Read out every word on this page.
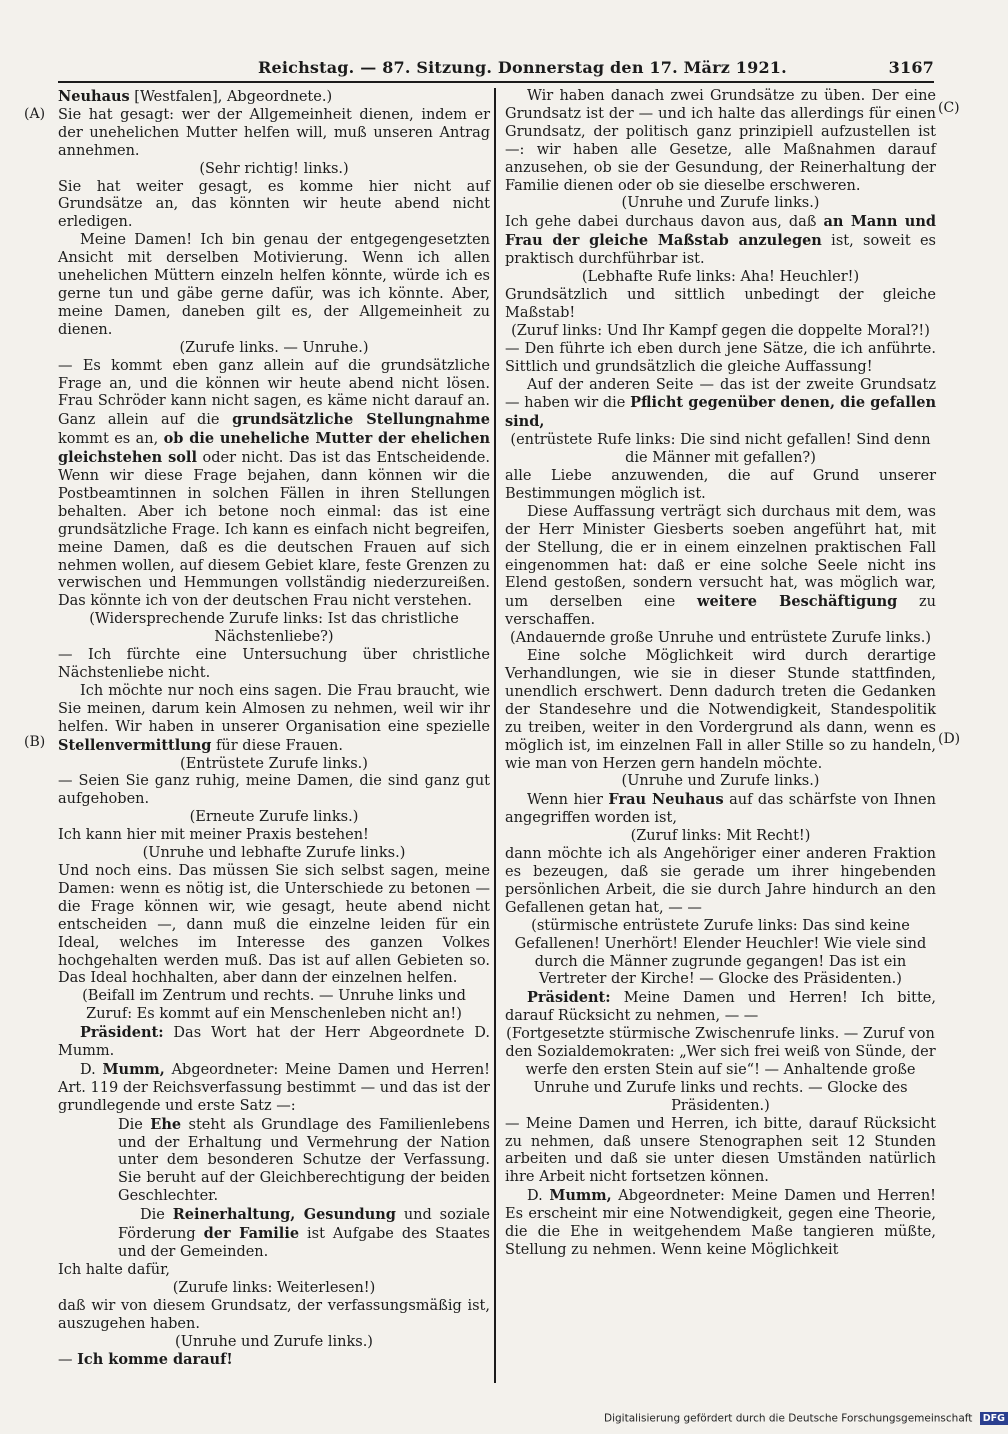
Reichstag. — 87. Sitzung. Donnerstag den 17. März 1921.	3167
(A)
(B)
(C)
(D)

Neuhaus [Westfalen], Abgeordnete.)

Sie hat gesagt: wer der Allgemeinheit dienen, indem er der unehelichen Mutter helfen will, muß unseren Antrag annehmen.

(Sehr richtig! links.)

Sie hat weiter gesagt, es komme hier nicht auf Grundsätze an, das könnten wir heute abend nicht erledigen.

Meine Damen! Ich bin genau der entgegengesetzten Ansicht mit derselben Motivierung. Wenn ich allen unehelichen Müttern einzeln helfen könnte, würde ich es gerne tun und gäbe gerne dafür, was ich könnte. Aber, meine Damen, daneben gilt es, der Allgemeinheit zu dienen.

(Zurufe links. — Unruhe.)

— Es kommt eben ganz allein auf die grundsätzliche Frage an, und die können wir heute abend nicht lösen. Frau Schröder kann nicht sagen, es käme nicht darauf an. Ganz allein auf die grundsätzliche Stellungnahme kommt es an, ob die uneheliche Mutter der ehelichen gleichstehen soll oder nicht. Das ist das Entscheidende. Wenn wir diese Frage bejahen, dann können wir die Postbeamtinnen in solchen Fällen in ihren Stellungen behalten. Aber ich betone noch einmal: das ist eine grundsätzliche Frage. Ich kann es einfach nicht begreifen, meine Damen, daß es die deutschen Frauen auf sich nehmen wollen, auf diesem Gebiet klare, feste Grenzen zu verwischen und Hemmungen vollständig niederzureißen. Das könnte ich von der deutschen Frau nicht verstehen.

(Widersprechende Zurufe links: Ist das christliche Nächstenliebe?)

— Ich fürchte eine Untersuchung über christliche Nächstenliebe nicht.

Ich möchte nur noch eins sagen. Die Frau braucht, wie Sie meinen, darum kein Almosen zu nehmen, weil wir ihr helfen. Wir haben in unserer Organisation eine spezielle Stellenvermittlung für diese Frauen.

(Entrüstete Zurufe links.)

— Seien Sie ganz ruhig, meine Damen, die sind ganz gut aufgehoben.

(Erneute Zurufe links.)

Ich kann hier mit meiner Praxis bestehen!

(Unruhe und lebhafte Zurufe links.)

Und noch eins. Das müssen Sie sich selbst sagen, meine Damen: wenn es nötig ist, die Unterschiede zu betonen — die Frage können wir, wie gesagt, heute abend nicht entscheiden —, dann muß die einzelne leiden für ein Ideal, welches im Interesse des ganzen Volkes hochgehalten werden muß. Das ist auf allen Gebieten so. Das Ideal hochhalten, aber dann der einzelnen helfen.

(Beifall im Zentrum und rechts. — Unruhe links und Zuruf: Es kommt auf ein Menschenleben nicht an!)

Präsident: Das Wort hat der Herr Abgeordnete D. Mumm.

D. Mumm, Abgeordneter: Meine Damen und Herren! Art. 119 der Reichsverfassung bestimmt — und das ist der grundlegende und erste Satz —:

Die Ehe steht als Grundlage des Familienlebens und der Erhaltung und Vermehrung der Nation unter dem besonderen Schutze der Verfassung. Sie beruht auf der Gleichberechtigung der beiden Geschlechter.

Die Reinerhaltung, Gesundung und soziale Förderung der Familie ist Aufgabe des Staates und der Gemeinden.

Ich halte dafür,

(Zurufe links: Weiterlesen!)

daß wir von diesem Grundsatz, der verfassungsmäßig ist, auszugehen haben.

(Unruhe und Zurufe links.)

— Ich komme darauf!

Wir haben danach zwei Grundsätze zu üben. Der eine Grundsatz ist der — und ich halte das allerdings für einen Grundsatz, der politisch ganz prinzipiell aufzustellen ist —: wir haben alle Gesetze, alle Maßnahmen darauf anzusehen, ob sie der Gesundung, der Reinerhaltung der Familie dienen oder ob sie dieselbe erschweren.

(Unruhe und Zurufe links.)

Ich gehe dabei durchaus davon aus, daß an Mann und Frau der gleiche Maßstab anzulegen ist, soweit es praktisch durchführbar ist.

(Lebhafte Rufe links: Aha! Heuchler!)

Grundsätzlich und sittlich unbedingt der gleiche Maßstab!

(Zuruf links: Und Ihr Kampf gegen die doppelte Moral?!)

— Den führte ich eben durch jene Sätze, die ich anführte. Sittlich und grundsätzlich die gleiche Auffassung!

Auf der anderen Seite — das ist der zweite Grundsatz — haben wir die Pflicht gegenüber denen, die gefallen sind,

(entrüstete Rufe links: Die sind nicht gefallen! Sind denn die Männer mit gefallen?)

alle Liebe anzuwenden, die auf Grund unserer Bestimmungen möglich ist.

Diese Auffassung verträgt sich durchaus mit dem, was der Herr Minister Giesberts soeben angeführt hat, mit der Stellung, die er in einem einzelnen praktischen Fall eingenommen hat: daß er eine solche Seele nicht ins Elend gestoßen, sondern versucht hat, was möglich war, um derselben eine weitere Beschäftigung zu verschaffen.

(Andauernde große Unruhe und entrüstete Zurufe links.)

Eine solche Möglichkeit wird durch derartige Verhandlungen, wie sie in dieser Stunde stattfinden, unendlich erschwert. Denn dadurch treten die Gedanken der Standesehre und die Notwendigkeit, Standespolitik zu treiben, weiter in den Vordergrund als dann, wenn es möglich ist, im einzelnen Fall in aller Stille so zu handeln, wie man von Herzen gern handeln möchte.

(Unruhe und Zurufe links.)

Wenn hier Frau Neuhaus auf das schärfste von Ihnen angegriffen worden ist,

(Zuruf links: Mit Recht!)

dann möchte ich als Angehöriger einer anderen Fraktion es bezeugen, daß sie gerade um ihrer hingebenden persönlichen Arbeit, die sie durch Jahre hindurch an den Gefallenen getan hat, — —

(stürmische entrüstete Zurufe links: Das sind keine Gefallenen! Unerhört! Elender Heuchler! Wie viele sind durch die Männer zugrunde gegangen! Das ist ein Vertreter der Kirche! — Glocke des Präsidenten.)

Präsident: Meine Damen und Herren! Ich bitte, darauf Rücksicht zu nehmen, — —

(Fortgesetzte stürmische Zwischenrufe links. — Zuruf von den Sozialdemokraten: „Wer sich frei weiß von Sünde, der werfe den ersten Stein auf sie“! — Anhaltende große Unruhe und Zurufe links und rechts. — Glocke des Präsidenten.)

— Meine Damen und Herren, ich bitte, darauf Rücksicht zu nehmen, daß unsere Stenographen seit 12 Stunden arbeiten und daß sie unter diesen Umständen natürlich ihre Arbeit nicht fortsetzen können.

D. Mumm, Abgeordneter: Meine Damen und Herren! Es erscheint mir eine Notwendigkeit, gegen eine Theorie, die die Ehe in weitgehendem Maße tangieren müßte, Stellung zu nehmen. Wenn keine Möglichkeit

Digitalisierung gefördert durch die Deutsche Forschungsgemeinschaft DFG
